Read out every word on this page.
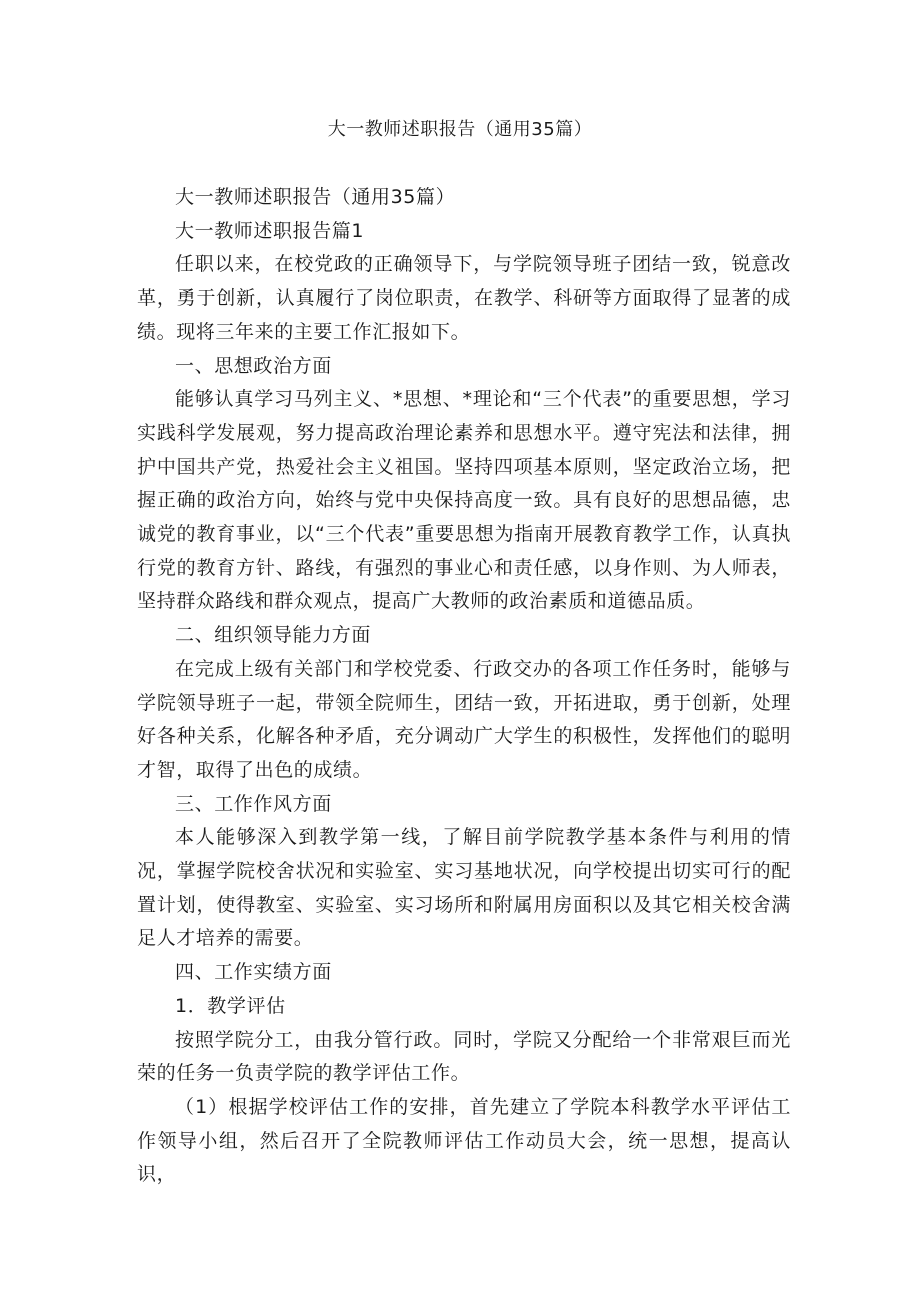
大一教师述职报告（通用35篇）

大一教师述职报告（通用35篇）

大一教师述职报告篇1

任职以来，在校党政的正确领导下，与学院领导班子团结一致，锐意改革，勇于创新，认真履行了岗位职责，在教学、科研等方面取得了显著的成绩。现将三年来的主要工作汇报如下。

一、思想政治方面

能够认真学习马列主义、*思想、*理论和“三个代表”的重要思想，学习实践科学发展观，努力提高政治理论素养和思想水平。遵守宪法和法律，拥护中国共产党，热爱社会主义祖国。坚持四项基本原则，坚定政治立场，把握正确的政治方向，始终与党中央保持高度一致。具有良好的思想品德，忠诚党的教育事业，以“三个代表”重要思想为指南开展教育教学工作，认真执行党的教育方针、路线，有强烈的事业心和责任感，以身作则、为人师表，坚持群众路线和群众观点，提高广大教师的政治素质和道德品质。

二、组织领导能力方面

在完成上级有关部门和学校党委、行政交办的各项工作任务时，能够与学院领导班子一起，带领全院师生，团结一致，开拓进取，勇于创新，处理好各种关系，化解各种矛盾，充分调动广大学生的积极性，发挥他们的聪明才智，取得了出色的成绩。

三、工作作风方面

本人能够深入到教学第一线，了解目前学院教学基本条件与利用的情况，掌握学院校舍状况和实验室、实习基地状况，向学校提出切实可行的配置计划，使得教室、实验室、实习场所和附属用房面积以及其它相关校舍满足人才培养的需要。

四、工作实绩方面

1．教学评估

按照学院分工，由我分管行政。同时，学院又分配给一个非常艰巨而光荣的任务一负责学院的教学评估工作。

（1）根据学校评估工作的安排，首先建立了学院本科教学水平评估工作领导小组，然后召开了全院教师评估工作动员大会，统一思想，提高认识，
